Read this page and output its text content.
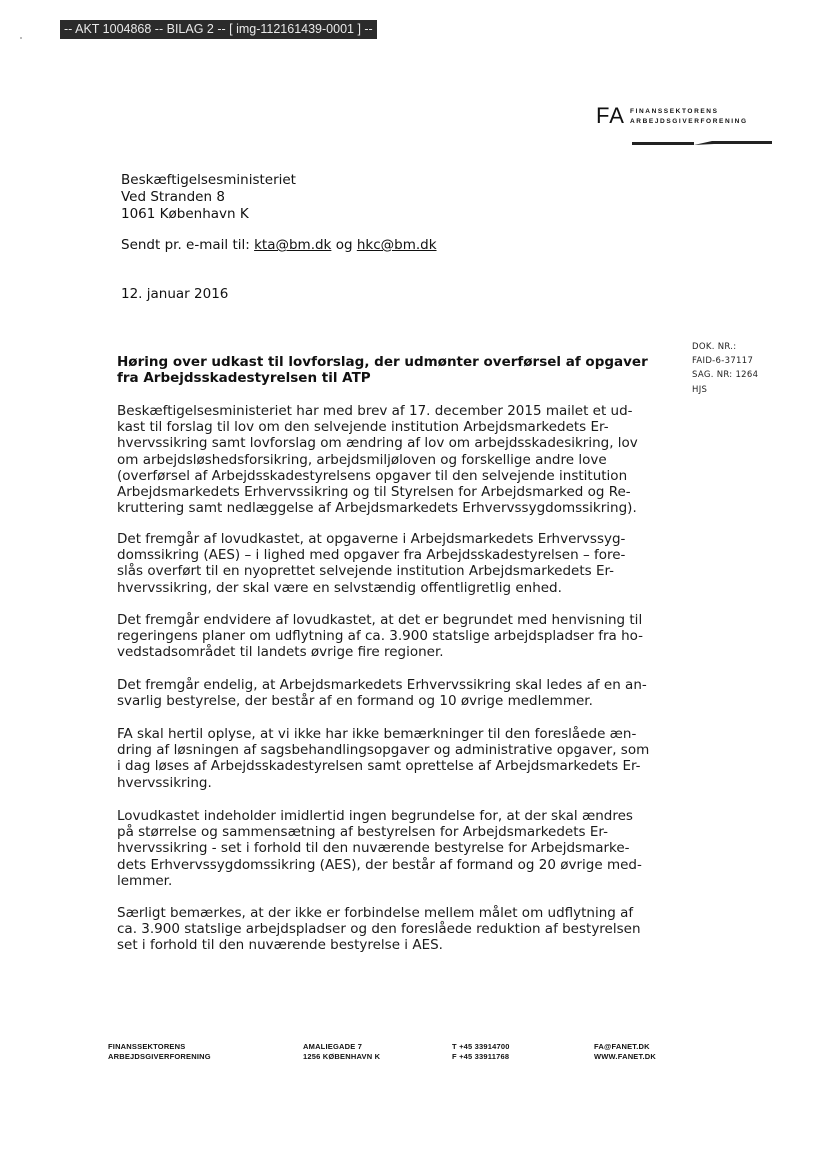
-- AKT 1004868 -- BILAG 2 -- [ img-112161439-0001 ] --
FA FINANSSEKTORENS
ARBEJDSGIVERFORENING
Beskæftigelsesministeriet
Ved Stranden 8
1061 København K
Sendt pr. e-mail til: kta@bm.dk og hkc@bm.dk
12. januar 2016
DOK. NR.:
FAID-6-37117
SAG. NR: 1264
HJS
Høring over udkast til lovforslag, der udmønter overførsel af opgaver
fra Arbejdsskadestyrelsen til ATP
Beskæftigelsesministeriet har med brev af 17. december 2015 mailet et ud-
kast til forslag til lov om den selvejende institution Arbejdsmarkedets Er-
hvervssikring samt lovforslag om ændring af lov om arbejdsskadesikring, lov
om arbejdsløshedsforsikring, arbejdsmiljøloven og forskellige andre love
(overførsel af Arbejdsskadestyrelsens opgaver til den selvejende institution
Arbejdsmarkedets Erhvervssikring og til Styrelsen for Arbejdsmarked og Re-
kruttering samt nedlæggelse af Arbejdsmarkedets Erhvervssygdomssikring).
Det fremgår af lovudkastet, at opgaverne i Arbejdsmarkedets Erhvervssyg-
domssikring (AES) – i lighed med opgaver fra Arbejdsskadestyrelsen – fore-
slås overført til en nyoprettet selvejende institution Arbejdsmarkedets Er-
hvervssikring, der skal være en selvstændig offentligretlig enhed.
Det fremgår endvidere af lovudkastet, at det er begrundet med henvisning til
regeringens planer om udflytning af ca. 3.900 statslige arbejdspladser fra ho-
vedstadsområdet til landets øvrige fire regioner.
Det fremgår endelig, at Arbejdsmarkedets Erhvervssikring skal ledes af en an-
svarlig bestyrelse, der består af en formand og 10 øvrige medlemmer.
FA skal hertil oplyse, at vi ikke har ikke bemærkninger til den foreslåede æn-
dring af løsningen af sagsbehandlingsopgaver og administrative opgaver, som
i dag løses af Arbejdsskadestyrelsen samt oprettelse af Arbejdsmarkedets Er-
hvervssikring.
Lovudkastet indeholder imidlertid ingen begrundelse for, at der skal ændres
på størrelse og sammensætning af bestyrelsen for Arbejdsmarkedets Er-
hvervssikring - set i forhold til den nuværende bestyrelse for Arbejdsmarke-
dets Erhvervssygdomssikring (AES), der består af formand og 20 øvrige med-
lemmer.
Særligt bemærkes, at der ikke er forbindelse mellem målet om udflytning af
ca. 3.900 statslige arbejdspladser og den foreslåede reduktion af bestyrelsen
set i forhold til den nuværende bestyrelse i AES.
FINANSSEKTORENS
ARBEJDSGIVERFORENING
AMALIEGADE 7
1256 KØBENHAVN K
T +45 33914700
F +45 33911768
FA@FANET.DK
WWW.FANET.DK
